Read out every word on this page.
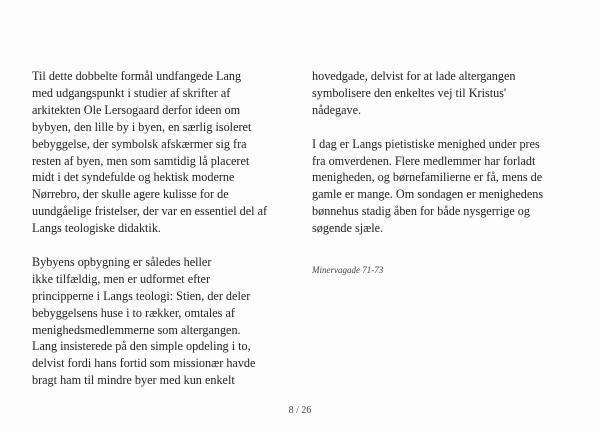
Til dette dobbelte formål undfangede Lang
med udgangspunkt i studier af skrifter af
arkitekten Ole Lersogaard derfor ideen om
bybyen, den lille by i byen, en særlig isoleret
bebyggelse, der symbolsk afskærmer sig fra
resten af byen, men som samtidig lå placeret
midt i det syndefulde og hektisk moderne
Nørrebro, der skulle agere kulisse for de
uundgåelige fristelser, der var en essentiel del af
Langs teologiske didaktik.

Bybyens opbygning er således heller
ikke tilfældig, men er udformet efter
principperne i Langs teologi: Stien, der deler
bebyggelsens huse i to rækker, omtales af
menighedsmedlemmerne som altergangen.
Lang insisterede på den simple opdeling i to,
delvist fordi hans fortid som missionær havde
bragt ham til mindre byer med kun enkelt

hovedgade, delvist for at lade altergangen
symbolisere den enkeltes vej til Kristus'
nådegave.

I dag er Langs pietistiske menighed under pres
fra omverdenen. Flere medlemmer har forladt
menigheden, og børnefamilierne er få, mens de
gamle er mange. Om sondagen er menighedens
bønnehus stadig åben for både nysgerrige og
søgende sjæle.

Minervagade 71-73
8 / 26
